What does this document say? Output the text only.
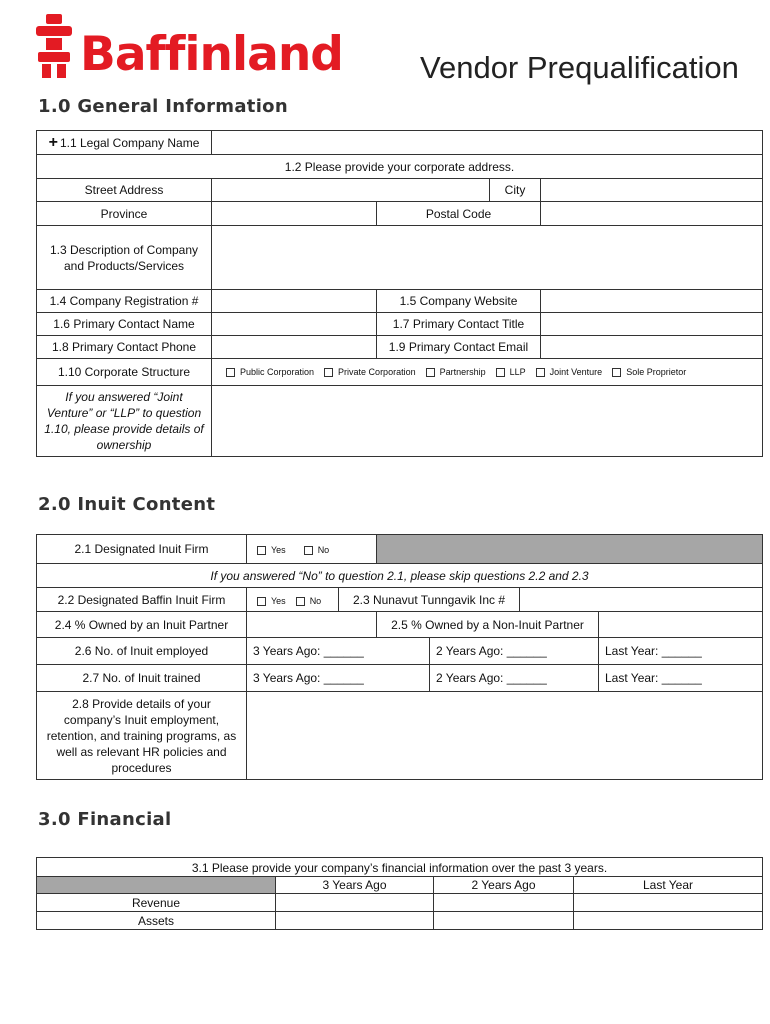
Baffinland Vendor Prequalification
1.0 General Information
+ 1.1 Legal Company Name
1.2 Please provide your corporate address.
Street Address	City
Province	Postal Code
1.3 Description of Company and Products/Services
1.4 Company Registration #	1.5 Company Website
1.6 Primary Contact Name	1.7 Primary Contact Title
1.8 Primary Contact Phone	1.9 Primary Contact Email
1.10 Corporate Structure	Public Corporation	Private Corporation	Partnership	LLP	Joint Venture	Sole Proprietor
If you answered “Joint Venture” or “LLP” to question 1.10, please provide details of ownership
2.0 Inuit Content
2.1 Designated Inuit Firm	Yes	No
If you answered “No” to question 2.1, please skip questions 2.2 and 2.3
2.2 Designated Baffin Inuit Firm	Yes	No	2.3 Nunavut Tunngavik Inc #
2.4 % Owned by an Inuit Partner	2.5 % Owned by a Non-Inuit Partner
2.6 No. of Inuit employed	3 Years Ago: ______	2 Years Ago: ______	Last Year: ______
2.7 No. of Inuit trained	3 Years Ago: ______	2 Years Ago: ______	Last Year: ______
2.8 Provide details of your company’s Inuit employment, retention, and training programs, as well as relevant HR policies and procedures
3.0 Financial
3.1 Please provide your company’s financial information over the past 3 years.
3 Years Ago	2 Years Ago	Last Year
Revenue
Assets
